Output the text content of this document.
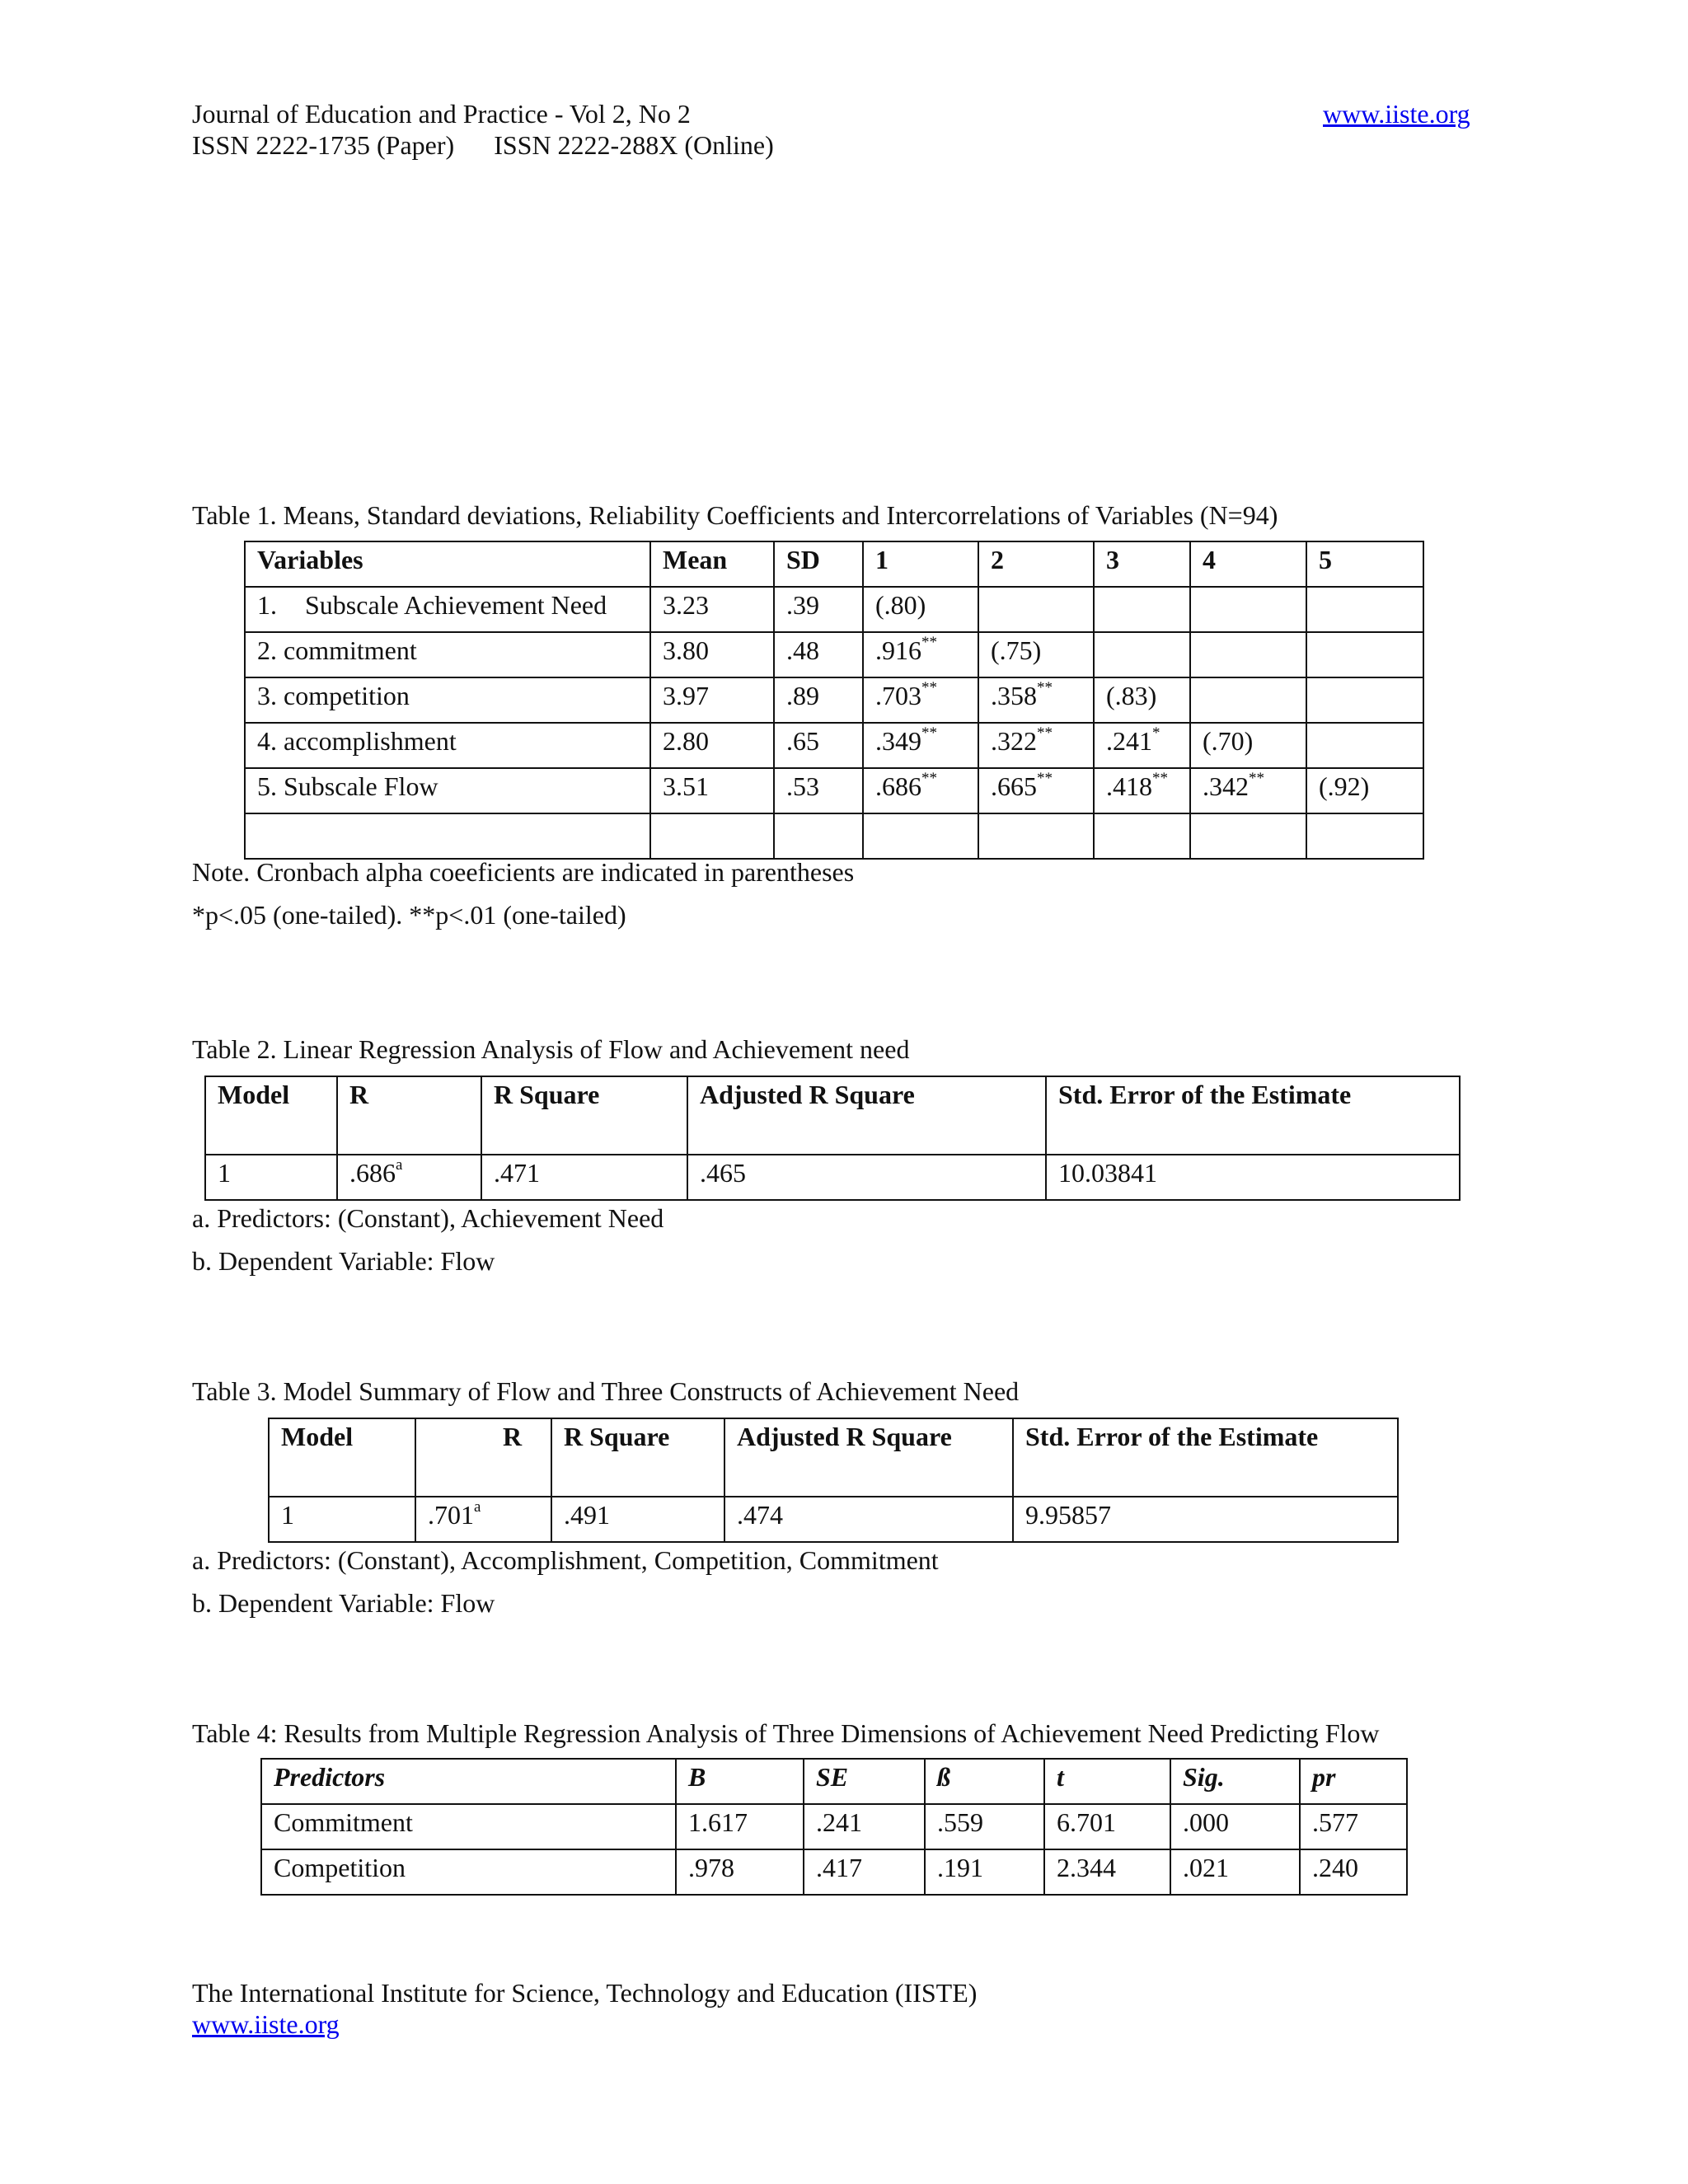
Journal of Education and Practice - Vol 2, No 2
ISSN 2222-1735 (Paper)      ISSN 2222-288X (Online)
www.iiste.org
Table 1. Means, Standard deviations, Reliability Coefficients and Intercorrelations of Variables (N=94)
Variables	Mean	SD	1	2	3	4	5
1. Subscale Achievement Need	3.23	.39	(.80)				
2. commitment	3.80	.48	.916**	(.75)			
3. competition	3.97	.89	.703**	.358**	(.83)		
4. accomplishment	2.80	.65	.349**	.322**	.241*	(.70)	
5. Subscale Flow	3.51	.53	.686**	.665**	.418**	.342**	(.92)

Note. Cronbach alpha coeeficients are indicated in parentheses
*p<.05 (one-tailed). **p<.01 (one-tailed)
Table 2. Linear Regression Analysis of Flow and Achievement need
Model	R	R Square	Adjusted R Square	Std. Error of the Estimate
1	.686$^a$	.471	.465	10.03841
a. Predictors: (Constant), Achievement Need
b. Dependent Variable: Flow
Table 3. Model Summary of Flow and Three Constructs of Achievement Need
Model	R	R Square	Adjusted R Square	Std. Error of the Estimate
1	.701$^a$	.491	.474	9.95857
a. Predictors: (Constant), Accomplishment, Competition, Commitment
b. Dependent Variable: Flow
Table 4: Results from Multiple Regression Analysis of Three Dimensions of Achievement Need Predicting Flow
Predictors	B	SE	ß	t	Sig.	pr
Commitment	1.617	.241	.559	6.701	.000	.577
Competition	.978	.417	.191	2.344	.021	.240
The International Institute for Science, Technology and Education (IISTE)
www.iiste.org
